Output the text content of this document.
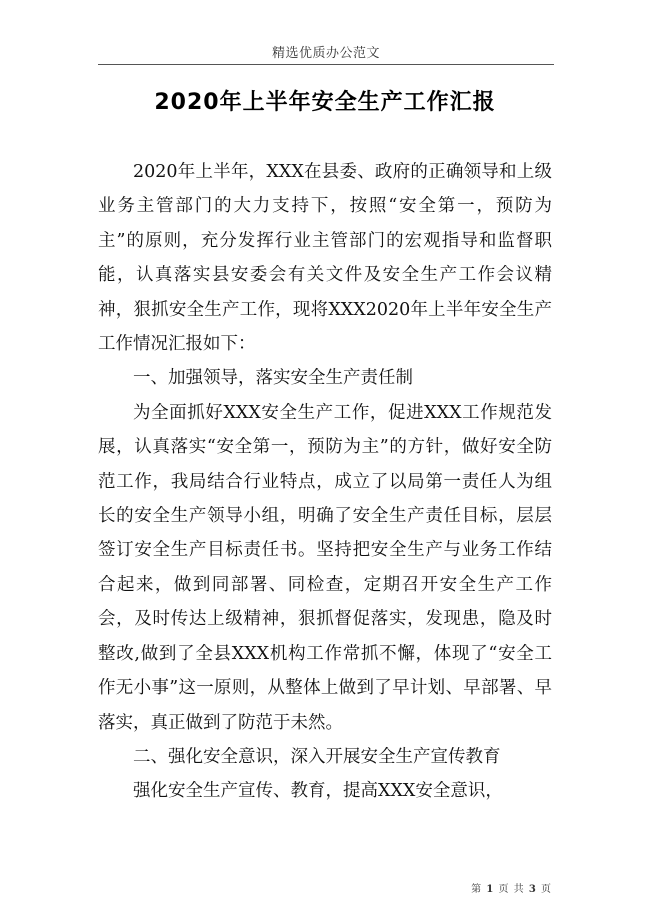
精选优质办公范文
2020年上半年安全生产工作汇报

2020年上半年，XXX在县委、政府的正确领导和上级业务主管部门的大力支持下，按照“安全第一，预防为主”的原则，充分发挥行业主管部门的宏观指导和监督职能，认真落实县安委会有关文件及安全生产工作会议精神，狠抓安全生产工作，现将XXX2020年上半年安全生产工作情况汇报如下：

一、加强领导，落实安全生产责任制

为全面抓好XXX安全生产工作，促进XXX工作规范发展，认真落实“安全第一，预防为主”的方针，做好安全防范工作，我局结合行业特点，成立了以局第一责任人为组长的安全生产领导小组，明确了安全生产责任目标，层层签订安全生产目标责任书。坚持把安全生产与业务工作结合起来，做到同部署、同检查，定期召开安全生产工作会，及时传达上级精神，狠抓督促落实，发现患，隐及时整改,做到了全县XXX机构工作常抓不懈，体现了“安全工作无小事”这一原则，从整体上做到了早计划、早部署、早落实，真正做到了防范于未然。

二、强化安全意识，深入开展安全生产宣传教育

强化安全生产宣传、教育，提高XXX安全意识，

第 1 页 共 3 页
